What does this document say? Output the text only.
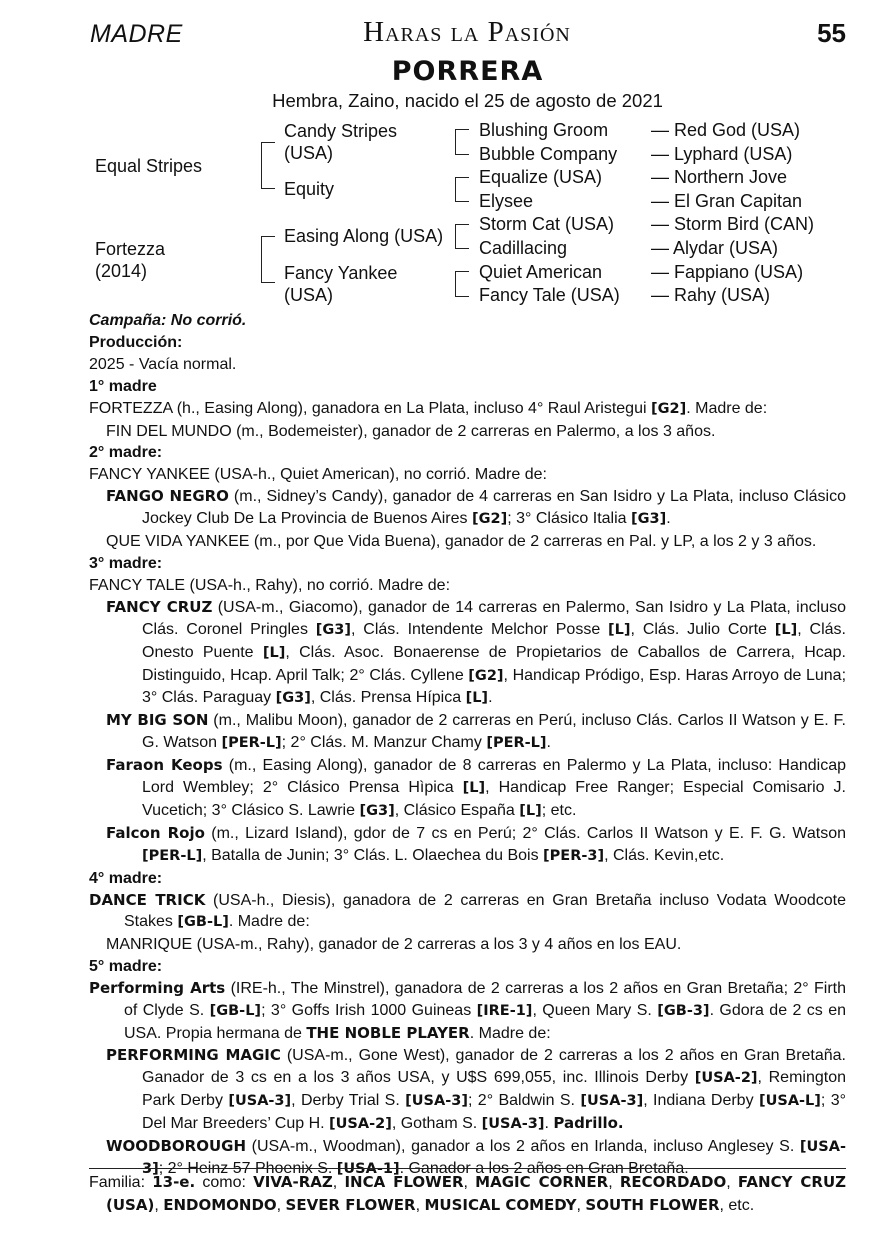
MADRE	Haras la Pasión	55
PORRERA
Hembra, Zaino, nacido el 25 de agosto de 2021
Equal Stripes
Fortezza
(2014)
Candy Stripes
(USA)
Equity
Easing Along (USA)
Fancy Yankee
(USA)
Blushing Groom
Bubble Company
Equalize (USA)
Elysee
Storm Cat (USA)
Cadillacing
Quiet American
Fancy Tale (USA)
— Red God (USA)
— Lyphard (USA)
— Northern Jove
— El Gran Capitan
— Storm Bird (CAN)
— Alydar (USA)
— Fappiano (USA)
— Rahy (USA)

Campaña: No corrió.

Producción:

2025 - Vacía normal.

1° madre

FORTEZZA (h., Easing Along), ganadora en La Plata, incluso 4° Raul Aristegui [G2]. Madre de:

FIN DEL MUNDO (m., Bodemeister), ganador de 2 carreras en Palermo, a los 3 años.

2° madre:

FANCY YANKEE (USA-h., Quiet American), no corrió. Madre de:

FANGO NEGRO (m., Sidney’s Candy), ganador de 4 carreras en San Isidro y La Plata, incluso Clásico Jockey Club De La Provincia de Buenos Aires [G2]; 3° Clásico Italia [G3].

QUE VIDA YANKEE (m., por Que Vida Buena), ganador de 2 carreras en Pal. y LP, a los 2 y 3 años.

3° madre:

FANCY TALE (USA-h., Rahy), no corrió. Madre de:

FANCY CRUZ (USA-m., Giacomo), ganador de 14 carreras en Palermo, San Isidro y La Plata, incluso Clás. Coronel Pringles [G3], Clás. Intendente Melchor Posse [L], Clás. Julio Corte [L], Clás. Onesto Puente [L], Clás. Asoc. Bonaerense de Propietarios de Caballos de Carrera, Hcap. Distinguido, Hcap. April Talk; 2° Clás. Cyllene [G2], Handicap Pródigo, Esp. Haras Arroyo de Luna; 3° Clás. Paraguay [G3], Clás. Prensa Hípica [L].

MY BIG SON (m., Malibu Moon), ganador de 2 carreras en Perú, incluso Clás. Carlos II Watson y E. F. G. Watson [PER-L]; 2° Clás. M. Manzur Chamy [PER-L].

Faraon Keops (m., Easing Along), ganador de 8 carreras en Palermo y La Plata, incluso: Handicap Lord Wembley; 2° Clásico Prensa Hìpica [L], Handicap Free Ranger; Especial Comisario J. Vucetich; 3° Clásico S. Lawrie [G3], Clásico España [L]; etc.

Falcon Rojo (m., Lizard Island), gdor de 7 cs en Perú; 2° Clás. Carlos II Watson y E. F. G. Watson [PER-L], Batalla de Junin; 3° Clás. L. Olaechea du Bois [PER-3], Clás. Kevin,etc.

4° madre:

DANCE TRICK (USA-h., Diesis), ganadora de 2 carreras en Gran Bretaña incluso Vodata Woodcote Stakes [GB-L]. Madre de:

MANRIQUE (USA-m., Rahy), ganador de 2 carreras a los 3 y 4 años en los EAU.

5° madre:

Performing Arts (IRE-h., The Minstrel), ganadora de 2 carreras a los 2 años en Gran Bretaña; 2° Firth of Clyde S. [GB-L]; 3° Goffs Irish 1000 Guineas [IRE-1], Queen Mary S. [GB-3]. Gdora de 2 cs en USA. Propia hermana de THE NOBLE PLAYER. Madre de:

PERFORMING MAGIC (USA-m., Gone West), ganador de 2 carreras a los 2 años en Gran Bretaña. Ganador de 3 cs en a los 3 años USA, y U$S 699,055, inc. Illinois Derby [USA-2], Remington Park Derby [USA-3], Derby Trial S. [USA-3]; 2° Baldwin S. [USA-3], Indiana Derby [USA-L]; 3° Del Mar Breeders’ Cup H. [USA-2], Gotham S. [USA-3]. Padrillo.

WOODBOROUGH (USA-m., Woodman), ganador a los 2 años en Irlanda, incluso Anglesey S. [USA-3]; 2° Heinz 57 Phoenix S. [USA-1]. Ganador a los 2 años en Gran Bretaña.

Familia: 13-e. como: VIVA-RAZ, INCA FLOWER, MAGIC CORNER, RECORDADO, FANCY CRUZ (USA), ENDOMONDO, SEVER FLOWER, MUSICAL COMEDY, SOUTH FLOWER, etc.
